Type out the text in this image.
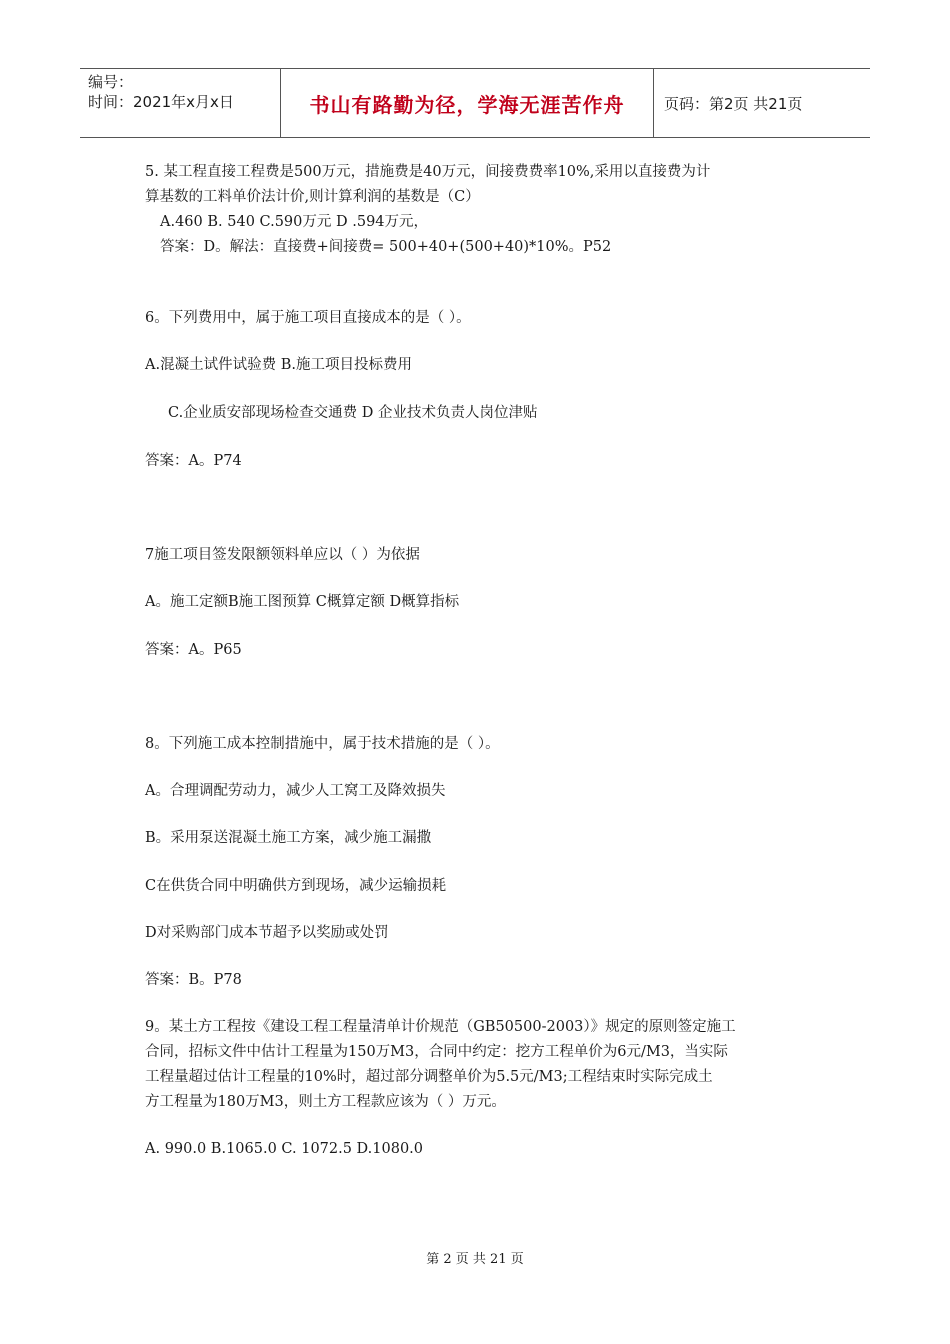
编号：
时间：2021年x月x日	书山有路勤为径，学海无涯苦作舟	页码：第2页 共21页
5. 某工程直接工程费是500万元，措施费是40万元，间接费费率10%,采用以直接费为计
算基数的工料单价法计价,则计算利润的基数是（C）
A.460 B. 540 C.590万元 D .594万元，
答案：D。解法：直接费+间接费= 500+40+(500+40)*10%。P52
6。下列费用中，属于施工项目直接成本的是（ ）。
A.混凝土试件试验费 B.施工项目投标费用
C.企业质安部现场检查交通费 D 企业技术负责人岗位津贴
答案：A。P74
7施工项目签发限额领料单应以（ ）为依据
A。施工定额B施工图预算 C概算定额 D概算指标
答案：A。P65
8。下列施工成本控制措施中，属于技术措施的是（ ）。
A。合理调配劳动力，减少人工窝工及降效损失
B。采用泵送混凝土施工方案，减少施工漏撒
C在供货合同中明确供方到现场，减少运输损耗
D对采购部门成本节超予以奖励或处罚
答案：B。P78
9。某土方工程按《建设工程工程量清单计价规范（GB50500-2003）》规定的原则签定施工
合同，招标文件中估计工程量为150万M3，合同中约定：挖方工程单价为6元/M3，当实际
工程量超过估计工程量的10%时，超过部分调整单价为5.5元/M3;工程结束时实际完成土
方工程量为180万M3，则土方工程款应该为（ ）万元。
A. 990.0 B.1065.0 C. 1072.5 D.1080.0
第 2 页 共 21 页
